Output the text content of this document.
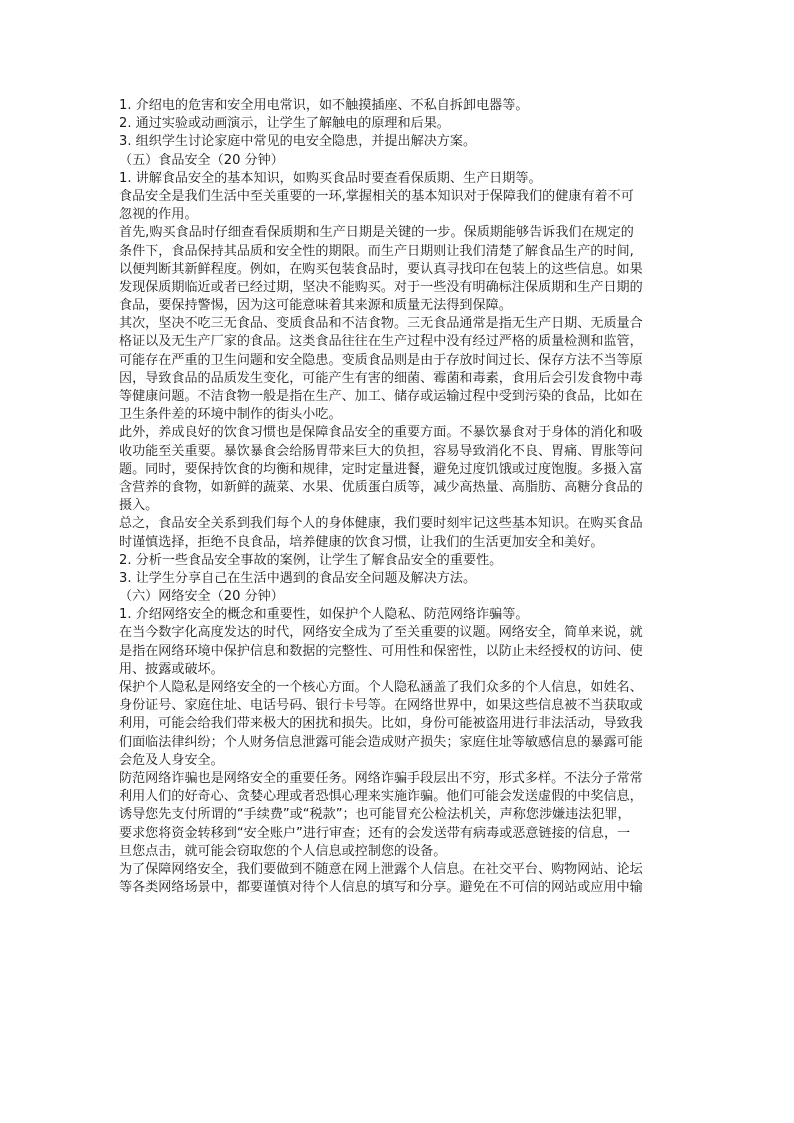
1. 介绍电的危害和安全用电常识，如不触摸插座、不私自拆卸电器等。
2. 通过实验或动画演示，让学生了解触电的原理和后果。
3. 组织学生讨论家庭中常见的电安全隐患，并提出解决方案。
（五）食品安全（20 分钟）
1. 讲解食品安全的基本知识，如购买食品时要查看保质期、生产日期等。
食品安全是我们生活中至关重要的一环,掌握相关的基本知识对于保障我们的健康有着不可
忽视的作用。
首先,购买食品时仔细查看保质期和生产日期是关键的一步。保质期能够告诉我们在规定的
条件下，食品保持其品质和安全性的期限。而生产日期则让我们清楚了解食品生产的时间,
以便判断其新鲜程度。例如，在购买包装食品时，要认真寻找印在包装上的这些信息。如果
发现保质期临近或者已经过期，坚决不能购买。对于一些没有明确标注保质期和生产日期的
食品，要保持警惕，因为这可能意味着其来源和质量无法得到保障。
其次，坚决不吃三无食品、变质食品和不洁食物。三无食品通常是指无生产日期、无质量合
格证以及无生产厂家的食品。这类食品往往在生产过程中没有经过严格的质量检测和监管，
可能存在严重的卫生问题和安全隐患。变质食品则是由于存放时间过长、保存方法不当等原
因，导致食品的品质发生变化，可能产生有害的细菌、霉菌和毒素，食用后会引发食物中毒
等健康问题。不洁食物一般是指在生产、加工、储存或运输过程中受到污染的食品，比如在
卫生条件差的环境中制作的街头小吃。
此外，养成良好的饮食习惯也是保障食品安全的重要方面。不暴饮暴食对于身体的消化和吸
收功能至关重要。暴饮暴食会给肠胃带来巨大的负担，容易导致消化不良、胃痛、胃胀等问
题。同时，要保持饮食的均衡和规律，定时定量进餐，避免过度饥饿或过度饱腹。多摄入富
含营养的食物，如新鲜的蔬菜、水果、优质蛋白质等，减少高热量、高脂肪、高糖分食品的
摄入。
总之，食品安全关系到我们每个人的身体健康，我们要时刻牢记这些基本知识。在购买食品
时谨慎选择，拒绝不良食品，培养健康的饮食习惯，让我们的生活更加安全和美好。
2. 分析一些食品安全事故的案例，让学生了解食品安全的重要性。
3. 让学生分享自己在生活中遇到的食品安全问题及解决方法。
（六）网络安全（20 分钟）
1. 介绍网络安全的概念和重要性，如保护个人隐私、防范网络诈骗等。
在当今数字化高度发达的时代，网络安全成为了至关重要的议题。网络安全，简单来说，就
是指在网络环境中保护信息和数据的完整性、可用性和保密性，以防止未经授权的访问、使
用、披露或破坏。
保护个人隐私是网络安全的一个核心方面。个人隐私涵盖了我们众多的个人信息，如姓名、
身份证号、家庭住址、电话号码、银行卡号等。在网络世界中，如果这些信息被不当获取或
利用，可能会给我们带来极大的困扰和损失。比如，身份可能被盗用进行非法活动，导致我
们面临法律纠纷；个人财务信息泄露可能会造成财产损失；家庭住址等敏感信息的暴露可能
会危及人身安全。
防范网络诈骗也是网络安全的重要任务。网络诈骗手段层出不穷，形式多样。不法分子常常
利用人们的好奇心、贪婪心理或者恐惧心理来实施诈骗。他们可能会发送虚假的中奖信息，
诱导您先支付所谓的“手续费”或“税款”；也可能冒充公检法机关，声称您涉嫌违法犯罪，
要求您将资金转移到“安全账户”进行审查；还有的会发送带有病毒或恶意链接的信息，一
旦您点击，就可能会窃取您的个人信息或控制您的设备。
为了保障网络安全，我们要做到不随意在网上泄露个人信息。在社交平台、购物网站、论坛
等各类网络场景中，都要谨慎对待个人信息的填写和分享。避免在不可信的网站或应用中输
